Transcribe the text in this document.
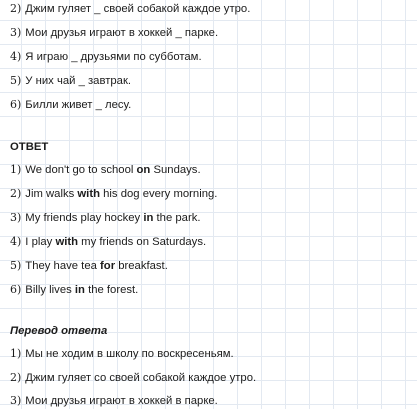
2) Джим гуляет _ своей собакой каждое утро.
3) Мои друзья играют в хоккей _ парке.
4) Я играю _ друзьями по субботам.
5) У них чай _ завтрак.
6) Билли живет _ лесу.
ОТВЕТ
1) We don't go to school on Sundays.
2) Jim walks with his dog every morning.
3) My friends play hockey in the park.
4) I play with my friends on Saturdays.
5) They have tea for breakfast.
6) Billy lives in the forest.
Перевод ответа
1) Мы не ходим в школу по воскресеньям.
2) Джим гуляет со своей собакой каждое утро.
3) Мои друзья играют в хоккей в парке.
